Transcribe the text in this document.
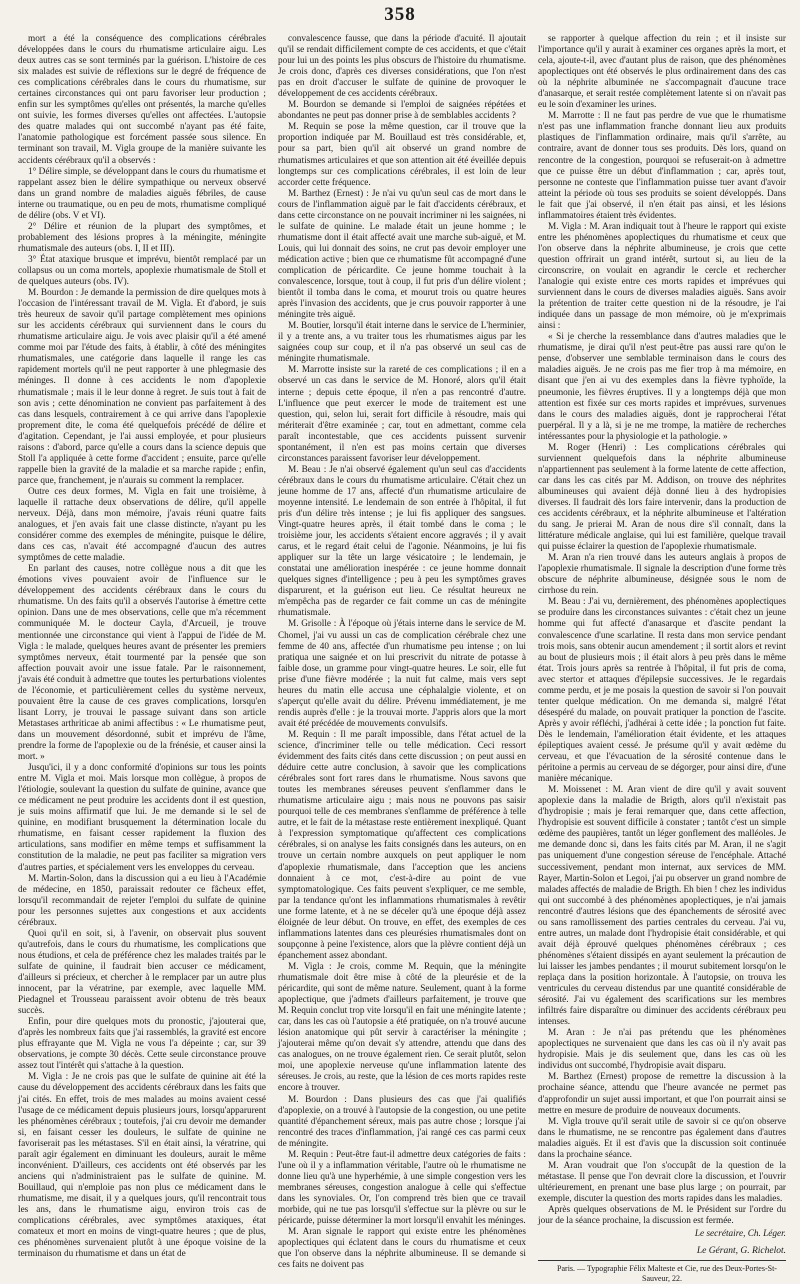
358

mort a été la conséquence des complications cérébrales développées dans le cours du rhumatisme articulaire aigu. Les deux autres cas se sont terminés par la guérison. L'histoire de ces six malades est suivie de réflexions sur le degré de fréquence de ces complications cérébrales dans le cours du rhumatisme, sur certaines circonstances qui ont paru favoriser leur production ; enfin sur les symptômes qu'elles ont présentés, la marche qu'elles ont suivie, les formes diverses qu'elles ont affectées. L'autopsie des quatre malades qui ont succombé n'ayant pas été faite, l'anatomie pathologique est forcément passée sous silence. En terminant son travail, M. Vigla groupe de la manière suivante les accidents cérébraux qu'il a observés :

1° Délire simple, se développant dans le cours du rhumatisme et rappelant assez bien le délire sympathique ou nerveux observé dans un grand nombre de maladies aiguës fébriles, de cause interne ou traumatique, ou en peu de mots, rhumatisme compliqué de délire (obs. V et VI).

2° Délire et réunion de la plupart des symptômes, et probablement des lésions propres à la méningite, méningite rhumatismale des auteurs (obs. I, II et III).

3° État ataxique brusque et imprévu, bientôt remplacé par un collapsus ou un coma mortels, apoplexie rhumatismale de Stoll et de quelques auteurs (obs. IV).

M. Bourdon : Je demande la permission de dire quelques mots à l'occasion de l'intéressant travail de M. Vigla. Et d'abord, je suis très heureux de savoir qu'il partage complètement mes opinions sur les accidents cérébraux qui surviennent dans le cours du rhumatisme articulaire aigu. Je vois avec plaisir qu'il a été amené comme moi par l'étude des faits, à établir, à côté des méningites rhumatismales, une catégorie dans laquelle il range les cas rapidement mortels qu'il ne peut rapporter à une phlegmasie des méninges. Il donne à ces accidents le nom d'apoplexie rhumatismale ; mais il le leur donne à regret. Je suis tout à fait de son avis ; cette dénomination ne convient pas parfaitement à des cas dans lesquels, contrairement à ce qui arrive dans l'apoplexie proprement dite, le coma été quelquefois précédé de délire et d'agitation. Cependant, je l'ai aussi employée, et pour plusieurs raisons : d'abord, parce qu'elle a cours dans la science depuis que Stoll l'a appliquée à cette forme d'accident ; ensuite, parce qu'elle rappelle bien la gravité de la maladie et sa marche rapide ; enfin, parce que, franchement, je n'aurais su comment la remplacer.

Outre ces deux formes, M. Vigla en fait une troisième, à laquelle il rattache deux observations de délire, qu'il appelle nerveux. Déjà, dans mon mémoire, j'avais réuni quatre faits analogues, et j'en avais fait une classe distincte, n'ayant pu les considérer comme des exemples de méningite, puisque le délire, dans ces cas, n'avait été accompagné d'aucun des autres symptômes de cette maladie.

En parlant des causes, notre collègue nous a dit que les émotions vives pouvaient avoir de l'influence sur le développement des accidents cérébraux dans le cours du rhumatisme. Un des faits qu'il a observés l'autorise à émettre cette opinion. Dans une de mes observations, celle que m'a récemment communiquée M. le docteur Cayla, d'Arcueil, je trouve mentionnée une circonstance qui vient à l'appui de l'idée de M. Vigla : le malade, quelques heures avant de présenter les premiers symptômes nerveux, était tourmenté par la pensée que son affection pouvait avoir une issue fatale. Par le raisonnement, j'avais été conduit à admettre que toutes les perturbations violentes de l'économie, et particulièrement celles du système nerveux, pouvaient être la cause de ces graves complications, lorsqu'en lisant Lorry, je trouvai le passage suivant dans son article Metastases arthriticae ab animi affectibus : « Le rhumatisme peut, dans un mouvement désordonné, subit et imprévu de l'âme, prendre la forme de l'apoplexie ou de la frénésie, et causer ainsi la mort. »

Jusqu'ici, il y a donc conformité d'opinions sur tous les points entre M. Vigla et moi. Mais lorsque mon collègue, à propos de l'étiologie, soulevant la question du sulfate de quinine, avance que ce médicament ne peut produire les accidents dont il est question, je suis moins affirmatif que lui. Je me demande si le sel de quinine, en modifiant brusquement la détermination locale du rhumatisme, en faisant cesser rapidement la fluxion des articulations, sans modifier en même temps et suffisamment la constitution de la maladie, ne peut pas faciliter sa migration vers d'autres parties, et spécialement vers les enveloppes du cerveau.

M. Martin-Solon, dans la discussion qui a eu lieu à l'Académie de médecine, en 1850, paraissait redouter ce fâcheux effet, lorsqu'il recommandait de rejeter l'emploi du sulfate de quinine pour les personnes sujettes aux congestions et aux accidents cérébraux.

Quoi qu'il en soit, si, à l'avenir, on observait plus souvent qu'autrefois, dans le cours du rhumatisme, les complications que nous étudions, et cela de préférence chez les malades traités par le sulfate de quinine, il faudrait bien accuser ce médicament, d'ailleurs si précieux, et chercher à le remplacer par un autre plus innocent, par la vératrine, par exemple, avec laquelle MM. Piedagnel et Trousseau paraissent avoir obtenu de très beaux succès.

Enfin, pour dire quelques mots du pronostic, j'ajouterai que, d'après les nombreux faits que j'ai rassemblés, la gravité est encore plus effrayante que M. Vigla ne vous l'a dépeinte ; car, sur 39 observations, je compte 30 décès. Cette seule circonstance prouve assez tout l'intérêt qui s'attache à la question.

M. Vigla : Je ne crois pas que le sulfate de quinine ait été la cause du développement des accidents cérébraux dans les faits que j'ai cités. En effet, trois de mes malades au moins avaient cessé l'usage de ce médicament depuis plusieurs jours, lorsqu'apparurent les phénomènes cérébraux ; toutefois, j'ai cru devoir me demander si, en faisant cesser les douleurs, le sulfate de quinine ne favoriserait pas les métastases. S'il en était ainsi, la vératrine, qui paraît agir également en diminuant les douleurs, aurait le même inconvénient. D'ailleurs, ces accidents ont été observés par les anciens qui n'administraient pas le sulfate de quinine. M. Bouillaud, qui n'emploie pas non plus ce médicament dans le rhumatisme, me disait, il y a quelques jours, qu'il rencontrait tous les ans, dans le rhumatisme aigu, environ trois cas de complications cérébrales, avec symptômes ataxiques, état comateux et mort en moins de vingt-quatre heures ; que de plus, ces phénomènes survenaient plutôt à une époque voisine de la terminaison du rhumatisme et dans un état de

convalescence fausse, que dans la période d'acuité. Il ajoutait qu'il se rendait difficilement compte de ces accidents, et que c'était pour lui un des points les plus obscurs de l'histoire du rhumatisme. Je crois donc, d'après ces diverses considérations, que l'on n'est pas en droit d'accuser le sulfate de quinine de provoquer le développement de ces accidents cérébraux.

M. Bourdon se demande si l'emploi de saignées répétées et abondantes ne peut pas donner prise à de semblables accidents ?

M. Requin se pose la même question, car il trouve que la proportion indiquée par M. Bouillaud est très considérable, et, pour sa part, bien qu'il ait observé un grand nombre de rhumatismes articulaires et que son attention ait été éveillée depuis longtemps sur ces complications cérébrales, il est loin de leur accorder cette fréquence.

M. Barthez (Ernest) : Je n'ai vu qu'un seul cas de mort dans le cours de l'inflammation aiguë par le fait d'accidents cérébraux, et dans cette circonstance on ne pouvait incriminer ni les saignées, ni le sulfate de quinine. Le malade était un jeune homme ; le rhumatisme dont il était affecté avait une marche sub-aiguë, et M. Louis, qui lui donnait des soins, ne crut pas devoir employer une médication active ; bien que ce rhumatisme fût accompagné d'une complication de péricardite. Ce jeune homme touchait à la convalescence, lorsque, tout à coup, il fut pris d'un délire violent ; bientôt il tomba dans le coma, et mourut trois ou quatre heures après l'invasion des accidents, que je crus pouvoir rapporter à une méningite très aiguë.

M. Boutier, lorsqu'il était interne dans le service de L'herminier, il y a trente ans, a vu traiter tous les rhumatismes aigus par les saignées coup sur coup, et il n'a pas observé un seul cas de méningite rhumatismale.

M. Marrotte insiste sur la rareté de ces complications ; il en a observé un cas dans le service de M. Honoré, alors qu'il était interne ; depuis cette époque, il n'en a pas rencontré d'autre. L'influence que peut exercer le mode de traitement est une question, qui, selon lui, serait fort difficile à résoudre, mais qui mériterait d'être examinée ; car, tout en admettant, comme cela paraît incontestable, que ces accidents puissent survenir spontanément, il n'en est pas moins certain que diverses circonstances paraissent favoriser leur développement.

M. Beau : Je n'ai observé également qu'un seul cas d'accidents cérébraux dans le cours du rhumatisme articulaire. C'était chez un jeune homme de 17 ans, affecté d'un rhumatisme articulaire de moyenne intensité. Le lendemain de son entrée à l'hôpital, il fut pris d'un délire très intense ; je lui fis appliquer des sangsues. Vingt-quatre heures après, il était tombé dans le coma ; le troisième jour, les accidents s'étaient encore aggravés ; il y avait carus, et le regard était celui de l'agonie. Néanmoins, je lui fis appliquer sur la tête un large vésicatoire ; le lendemain, je constatai une amélioration inespérée : ce jeune homme donnait quelques signes d'intelligence ; peu à peu les symptômes graves disparurent, et la guérison eut lieu. Ce résultat heureux ne m'empêcha pas de regarder ce fait comme un cas de méningite rhumatismale.

M. Grisolle : À l'époque où j'étais interne dans le service de M. Chomel, j'ai vu aussi un cas de complication cérébrale chez une femme de 40 ans, affectée d'un rhumatisme peu intense ; on lui pratiqua une saignée et on lui prescrivit du nitrate de potasse à faible dose, un gramme pour vingt-quatre heures. Le soir, elle fut prise d'une fièvre modérée ; la nuit fut calme, mais vers sept heures du matin elle accusa une céphalalgie violente, et on s'aperçut qu'elle avait du délire. Prévenu immédiatement, je me rendis auprès d'elle : je la trouvai morte. J'appris alors que la mort avait été précédée de mouvements convulsifs.

M. Requin : Il me paraît impossible, dans l'état actuel de la science, d'incriminer telle ou telle médication. Ceci ressort évidemment des faits cités dans cette discussion ; on peut aussi en déduire cette autre conclusion, à savoir que les complications cérébrales sont fort rares dans le rhumatisme. Nous savons que toutes les membranes séreuses peuvent s'enflammer dans le rhumatisme articulaire aigu ; mais nous ne pouvons pas saisir pourquoi telle de ces membranes s'enflamme de préférence à telle autre, et le fait de la métastase reste entièrement inexpliqué. Quant à l'expression symptomatique qu'affectent ces complications cérébrales, si on analyse les faits consignés dans les auteurs, on en trouve un certain nombre auxquels on peut appliquer le nom d'apoplexie rhumatismale, dans l'acception que les anciens donnaient à ce mot, c'est-à-dire au point de vue symptomatologique. Ces faits peuvent s'expliquer, ce me semble, par la tendance qu'ont les inflammations rhumatismales à revêtir une forme latente, et à ne se déceler qu'à une époque déjà assez éloignée de leur début. On trouve, en effet, des exemples de ces inflammations latentes dans ces pleurésies rhumatismales dont on soupçonne à peine l'existence, alors que la plèvre contient déjà un épanchement assez abondant.

M. Vigla : Je crois, comme M. Requin, que la méningite rhumatismale doit être mise à côté de la pleurésie et de la péricardite, qui sont de même nature. Seulement, quant à la forme apoplectique, que j'admets d'ailleurs parfaitement, je trouve que M. Requin conclut trop vite lorsqu'il en fait une méningite latente ; car, dans les cas où l'autopsie a été pratiquée, on n'a trouvé aucune lésion anatomique qui pût servir à caractériser la méningite ; j'ajouterai même qu'on devait s'y attendre, attendu que dans des cas analogues, on ne trouve également rien. Ce serait plutôt, selon moi, une apoplexie nerveuse qu'une inflammation latente des séreuses. Je crois, au reste, que la lésion de ces morts rapides reste encore à trouver.

M. Bourdon : Dans plusieurs des cas que j'ai qualifiés d'apoplexie, on a trouvé à l'autopsie de la congestion, ou une petite quantité d'épanchement séreux, mais pas autre chose ; lorsque j'ai rencontré des traces d'inflammation, j'ai rangé ces cas parmi ceux de méningite.

M. Requin : Peut-être faut-il admettre deux catégories de faits : l'une où il y a inflammation véritable, l'autre où le rhumatisme ne donne lieu qu'à une hyperhémie, à une simple congestion vers les membranes séreuses, congestion analogue à celle qui s'effectue dans les synoviales. Or, l'on comprend très bien que ce travail morbide, qui ne tue pas lorsqu'il s'effectue sur la plèvre ou sur le péricarde, puisse déterminer la mort lorsqu'il envahit les méninges.

M. Aran signale le rapport qui existe entre les phénomènes apoplectiques qui éclatent dans le cours du rhumatisme et ceux que l'on observe dans la néphrite albumineuse. Il se demande si ces faits ne doivent pas

se rapporter à quelque affection du rein ; et il insiste sur l'importance qu'il y aurait à examiner ces organes après la mort, et cela, ajoute-t-il, avec d'autant plus de raison, que des phénomènes apoplectiques ont été observés le plus ordinairement dans des cas où la néphrite albuminée ne s'accompagnait d'aucune trace d'anasarque, et serait restée complètement latente si on n'avait pas eu le soin d'examiner les urines.

M. Marrotte : Il ne faut pas perdre de vue que le rhumatisme n'est pas une inflammation franche donnant lieu aux produits plastiques de l'inflammation ordinaire, mais qu'il s'arrête, au contraire, avant de donner tous ses produits. Dès lors, quand on rencontre de la congestion, pourquoi se refuserait-on à admettre que ce puisse être un début d'inflammation ; car, après tout, personne ne conteste que l'inflammation puisse tuer avant d'avoir atteint la période où tous ses produits se soient développés. Dans le fait que j'ai observé, il n'en était pas ainsi, et les lésions inflammatoires étaient très évidentes.

M. Vigla : M. Aran indiquait tout à l'heure le rapport qui existe entre les phénomènes apoplectiques du rhumatisme et ceux que l'on observe dans la néphrite albumineuse, je crois que cette question offrirait un grand intérêt, surtout si, au lieu de la circonscrire, on voulait en agrandir le cercle et rechercher l'analogie qui existe entre ces morts rapides et imprévues qui surviennent dans le cours de diverses maladies aiguës. Sans avoir la prétention de traiter cette question ni de la résoudre, je l'ai indiquée dans un passage de mon mémoire, où je m'exprimais ainsi :

« Si je cherche la ressemblance dans d'autres maladies que le rhumatisme, je dirai qu'il n'est peut-être pas aussi rare qu'on le pense, d'observer une semblable terminaison dans le cours des maladies aiguës. Je ne crois pas me fier trop à ma mémoire, en disant que j'en ai vu des exemples dans la fièvre typhoïde, la pneumonie, les fièvres éruptives. Il y a longtemps déjà que mon attention est fixée sur ces morts rapides et imprévues, survenues dans le cours des maladies aiguës, dont je rapprocherai l'état puerpéral. Il y a là, si je ne me trompe, la matière de recherches intéressantes pour la physiologie et la pathologie. »

M. Roger (Henri) : Les complications cérébrales qui surviennent quelquefois dans la néphrite albumineuse n'appartiennent pas seulement à la forme latente de cette affection, car dans les cas cités par M. Addison, on trouve des néphrites albumineuses qui avaient déjà donné lieu à des hydropisies diverses. Il faudrait dès lors faire intervenir, dans la production de ces accidents cérébraux, et la néphrite albumineuse et l'altération du sang. Je prierai M. Aran de nous dire s'il connaît, dans la littérature médicale anglaise, qui lui est familière, quelque travail qui puisse éclairer la question de l'apoplexie rhumatismale.

M. Aran n'a rien trouvé dans les auteurs anglais à propos de l'apoplexie rhumatismale. Il signale la description d'une forme très obscure de néphrite albumineuse, désignée sous le nom de cirrhose du rein.

M. Beau : J'ai vu, dernièrement, des phénomènes apoplectiques se produire dans les circonstances suivantes : c'était chez un jeune homme qui fut affecté d'anasarque et d'ascite pendant la convalescence d'une scarlatine. Il resta dans mon service pendant trois mois, sans obtenir aucun amendement ; il sortit alors et revint au bout de plusieurs mois ; il était alors à peu près dans le même état. Trois jours après sa rentrée à l'hôpital, il fut pris de coma, avec stertor et attaques d'épilepsie successives. Je le regardais comme perdu, et je me posais la question de savoir si l'on pouvait tenter quelque médication. On me demanda si, malgré l'état désespéré du malade, on pouvait pratiquer la ponction de l'ascite. Après y avoir réfléchi, j'adhérai à cette idée ; la ponction fut faite. Dès le lendemain, l'amélioration était évidente, et les attaques épileptiques avaient cessé. Je présume qu'il y avait œdème du cerveau, et que l'évacuation de la sérosité contenue dans le péritoine a permis au cerveau de se dégorger, pour ainsi dire, d'une manière mécanique.

M. Moissenet : M. Aran vient de dire qu'il y avait souvent apoplexie dans la maladie de Brigth, alors qu'il n'existait pas d'hydropisie ; mais je ferai remarquer que, dans cette affection, l'hydropisie est souvent difficile à constater ; tantôt c'est un simple œdème des paupières, tantôt un léger gonflement des malléoles. Je me demande donc si, dans les faits cités par M. Aran, il ne s'agit pas uniquement d'une congestion séreuse de l'encéphale. Attaché successivement, pendant mon internat, aux services de MM. Rayer, Martin-Solon et Legoi, j'ai pu observer un grand nombre de malades affectés de maladie de Brigth. Eh bien ! chez les individus qui ont succombé à des phénomènes apoplectiques, je n'ai jamais rencontré d'autres lésions que des épanchements de sérosité avec ou sans ramollissement des parties centrales du cerveau. J'ai vu, entre autres, un malade dont l'hydropisie était considérable, et qui avait déjà éprouvé quelques phénomènes cérébraux ; ces phénomènes s'étaient dissipés en ayant seulement la précaution de lui laisser les jambes pendantes ; il mourut subitement lorsqu'on le replaça dans la position horizontale. À l'autopsie, on trouva les ventricules du cerveau distendus par une quantité considérable de sérosité. J'ai vu également des scarifications sur les membres infiltrés faire disparaître ou diminuer des accidents cérébraux peu intenses.

M. Aran : Je n'ai pas prétendu que les phénomènes apoplectiques ne survenaient que dans les cas où il n'y avait pas hydropisie. Mais je dis seulement que, dans les cas où les individus ont succombé, l'hydropisie avait disparu.

M. Barthez (Ernest) propose de remettre la discussion à la prochaine séance, attendu que l'heure avancée ne permet pas d'approfondir un sujet aussi important, et que l'on pourrait ainsi se mettre en mesure de produire de nouveaux documents.

M. Vigla trouve qu'il serait utile de savoir si ce qu'on observe dans le rhumatisme, ne se rencontre pas également dans d'autres maladies aiguës. Et il est d'avis que la discussion soit continuée dans la prochaine séance.

M. Aran voudrait que l'on s'occupât de la question de la métastase. Il pense que l'on devrait clore la discussion, et l'ouvrir ultérieurement, en prenant une base plus large ; on pourrait, par exemple, discuter la question des morts rapides dans les maladies.

Après quelques observations de M. le Président sur l'ordre du jour de la séance prochaine, la discussion est fermée.

Le secrétaire, Ch. Léger.

Le Gérant, G. Richelot.

Paris. — Typographie Félix Malteste et Cie, rue des Deux-Portes-St-Sauveur, 22.
